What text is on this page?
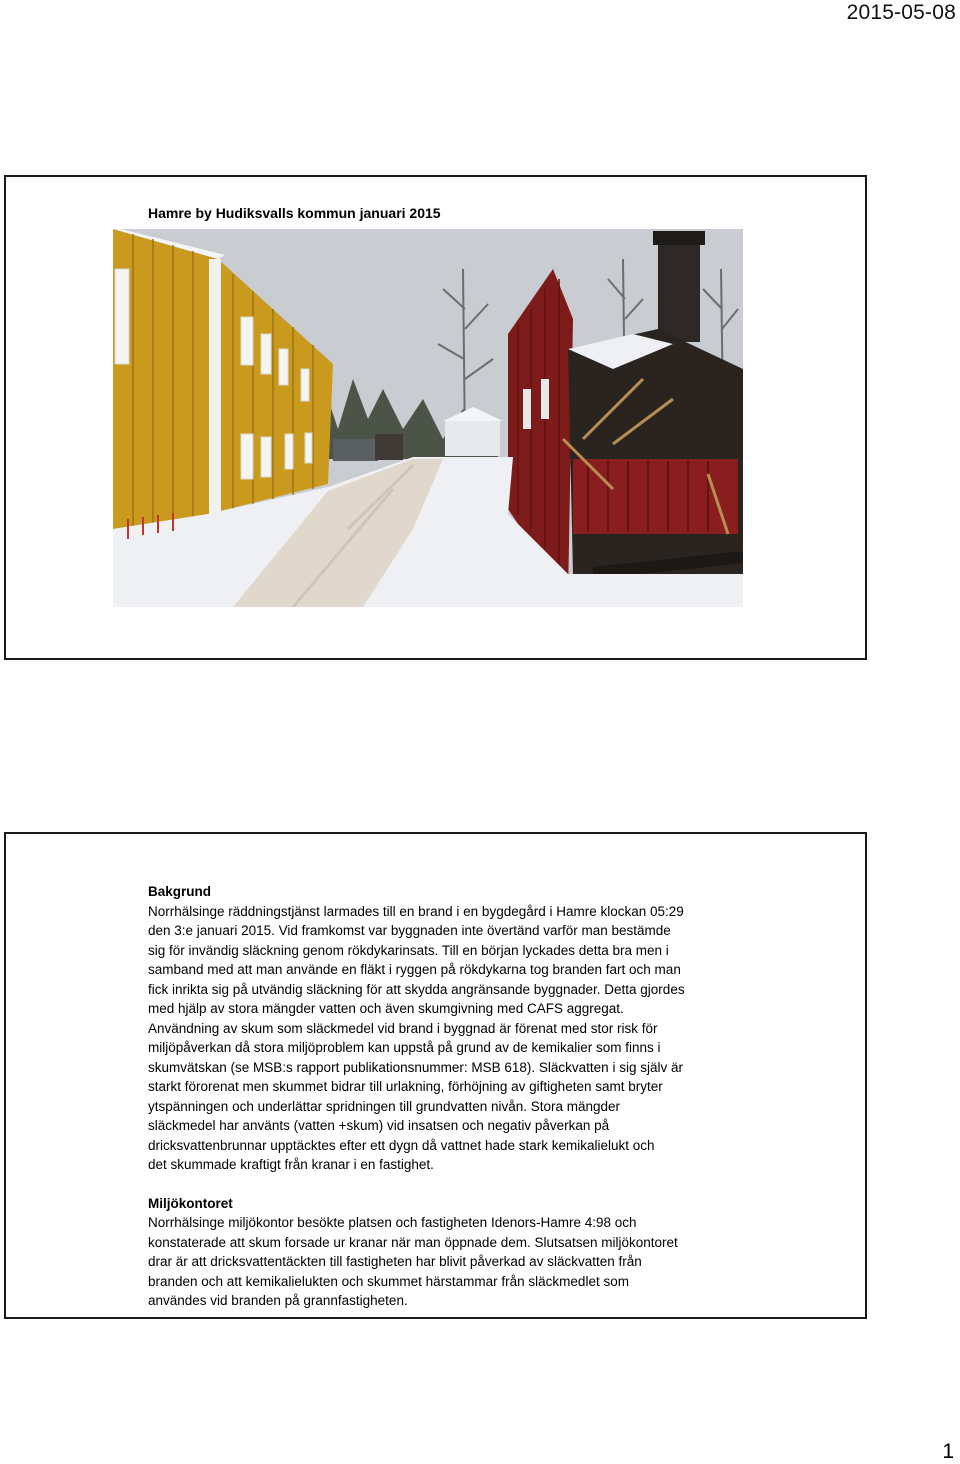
2015-05-08
Hamre by Hudiksvalls kommun januari 2015

Bakgrund

Norrhälsinge räddningstjänst larmades till en brand i en bygdegård i Hamre klockan 05:29

den 3:e januari 2015. Vid framkomst var byggnaden inte övertänd varför man bestämde

sig för invändig släckning genom rökdykarinsats. Till en början lyckades detta bra men i

samband med att man använde en fläkt i ryggen på rökdykarna tog branden fart och man

fick inrikta sig på utvändig släckning för att skydda angränsande byggnader. Detta gjordes

med hjälp av stora mängder vatten och även skumgivning med CAFS aggregat.

Användning av skum som släckmedel vid brand i byggnad är förenat med stor risk för

miljöpåverkan då stora miljöproblem kan uppstå på grund av de kemikalier som finns i

skumvätskan (se MSB:s rapport publikationsnummer: MSB 618). Släckvatten i sig själv är

starkt förorenat men skummet bidrar till urlakning, förhöjning av giftigheten samt bryter

ytspänningen och underlättar spridningen till grundvatten nivån. Stora mängder

släckmedel har använts (vatten +skum) vid insatsen och negativ påverkan på

dricksvattenbrunnar upptäcktes efter ett dygn då vattnet hade stark kemikalielukt och

det skummade kraftigt från kranar i en fastighet.

Miljökontoret

Norrhälsinge miljökontor besökte platsen och fastigheten Idenors-Hamre 4:98 och

konstaterade att skum forsade ur kranar när man öppnade dem. Slutsatsen miljökontoret

drar är att dricksvattentäckten till fastigheten har blivit påverkad av släckvatten från

branden och att kemikalielukten och skummet härstammar från släckmedlet som

användes vid branden på grannfastigheten.

1
